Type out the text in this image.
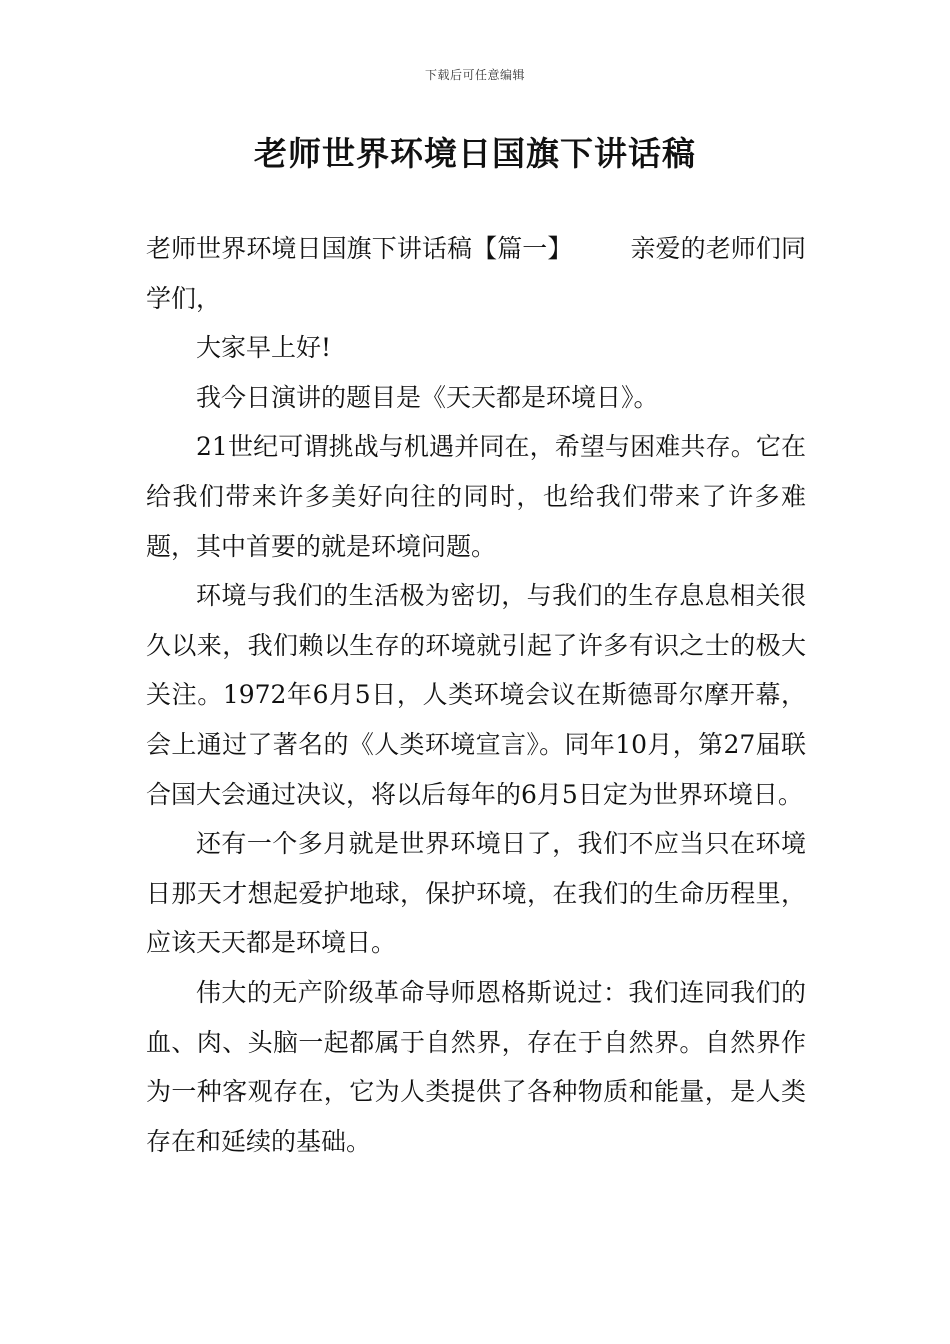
下载后可任意编辑
老师世界环境日国旗下讲话稿

老师世界环境日国旗下讲话稿【篇一】 亲爱的老师们同学们，

大家早上好!

我今日演讲的题目是《天天都是环境日》。

21世纪可谓挑战与机遇并同在，希望与困难共存。它在给我们带来许多美好向往的同时，也给我们带来了许多难题，其中首要的就是环境问题。

环境与我们的生活极为密切，与我们的生存息息相关很久以来，我们赖以生存的环境就引起了许多有识之士的极大关注。1972年6月5日，人类环境会议在斯德哥尔摩开幕，会上通过了著名的《人类环境宣言》。同年10月，第27届联合国大会通过决议，将以后每年的6月5日定为世界环境日。

还有一个多月就是世界环境日了，我们不应当只在环境日那天才想起爱护地球，保护环境，在我们的生命历程里，应该天天都是环境日。

伟大的无产阶级革命导师恩格斯说过：我们连同我们的血、肉、头脑一起都属于自然界，存在于自然界。自然界作为一种客观存在，它为人类提供了各种物质和能量，是人类存在和延续的基础。
